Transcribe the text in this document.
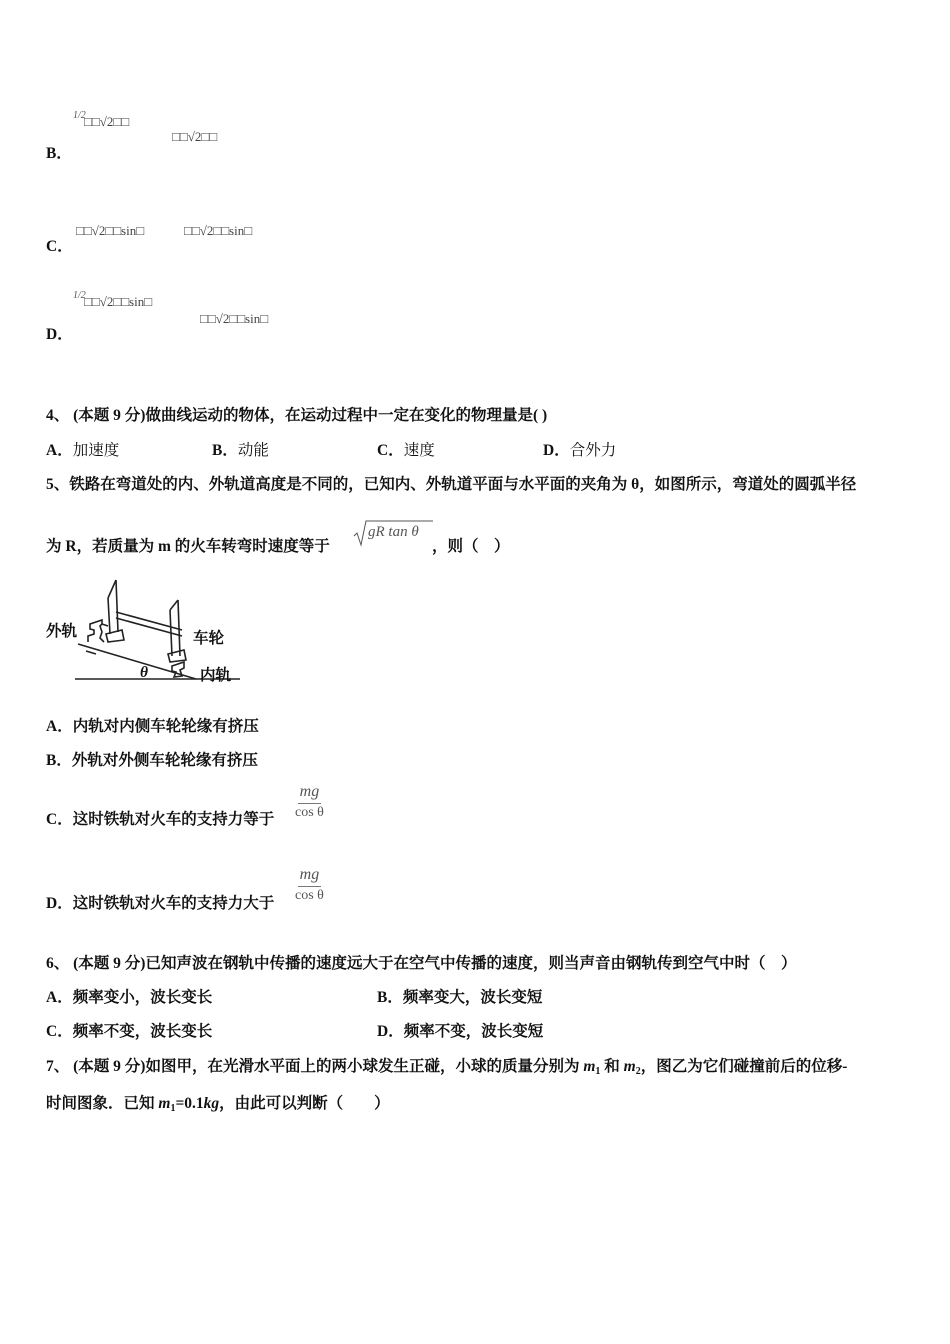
1/2
□□√2□□
□□√2□□
B．
□□√2□□sin□	□□√2□□sin□
C．
1/2
□□√2□□sin□
□□√2□□sin□
D．
4、 (本题 9 分)做曲线运动的物体，在运动过程中一定在变化的物理量是( )
A．加速度	B．动能	C．速度	D．合外力
5、铁路在弯道处的内、外轨道高度是不同的，已知内、外轨道平面与水平面的夹角为 θ，如图所示，弯道处的圆弧半径
为 R，若质量为 m 的火车转弯时速度等于
gR tan θ
，则（　）
外轨	车轮
内轨
θ
A．内轨对内侧车轮轮缘有挤压
B．外轨对外侧车轮轮缘有挤压
C．这时铁轨对火车的支持力等于 $\frac{mg}{\text{cos θ}}$
D．这时铁轨对火车的支持力大于 $\frac{mg}{\text{cos θ}}$
6、 (本题 9 分)已知声波在钢轨中传播的速度远大于在空气中传播的速度，则当声音由钢轨传到空气中时（　）
A．频率变小，波长变长	B．频率变大，波长变短
C．频率不变，波长变长	D．频率不变，波长变短
7、 (本题 9 分)如图甲，在光滑水平面上的两小球发生正碰，小球的质量分别为 $m_1$ 和 $m_2$，图乙为它们碰撞前后的位移-
时间图象．已知 $m_1=0.1kg$，由此可以判断（　　）
